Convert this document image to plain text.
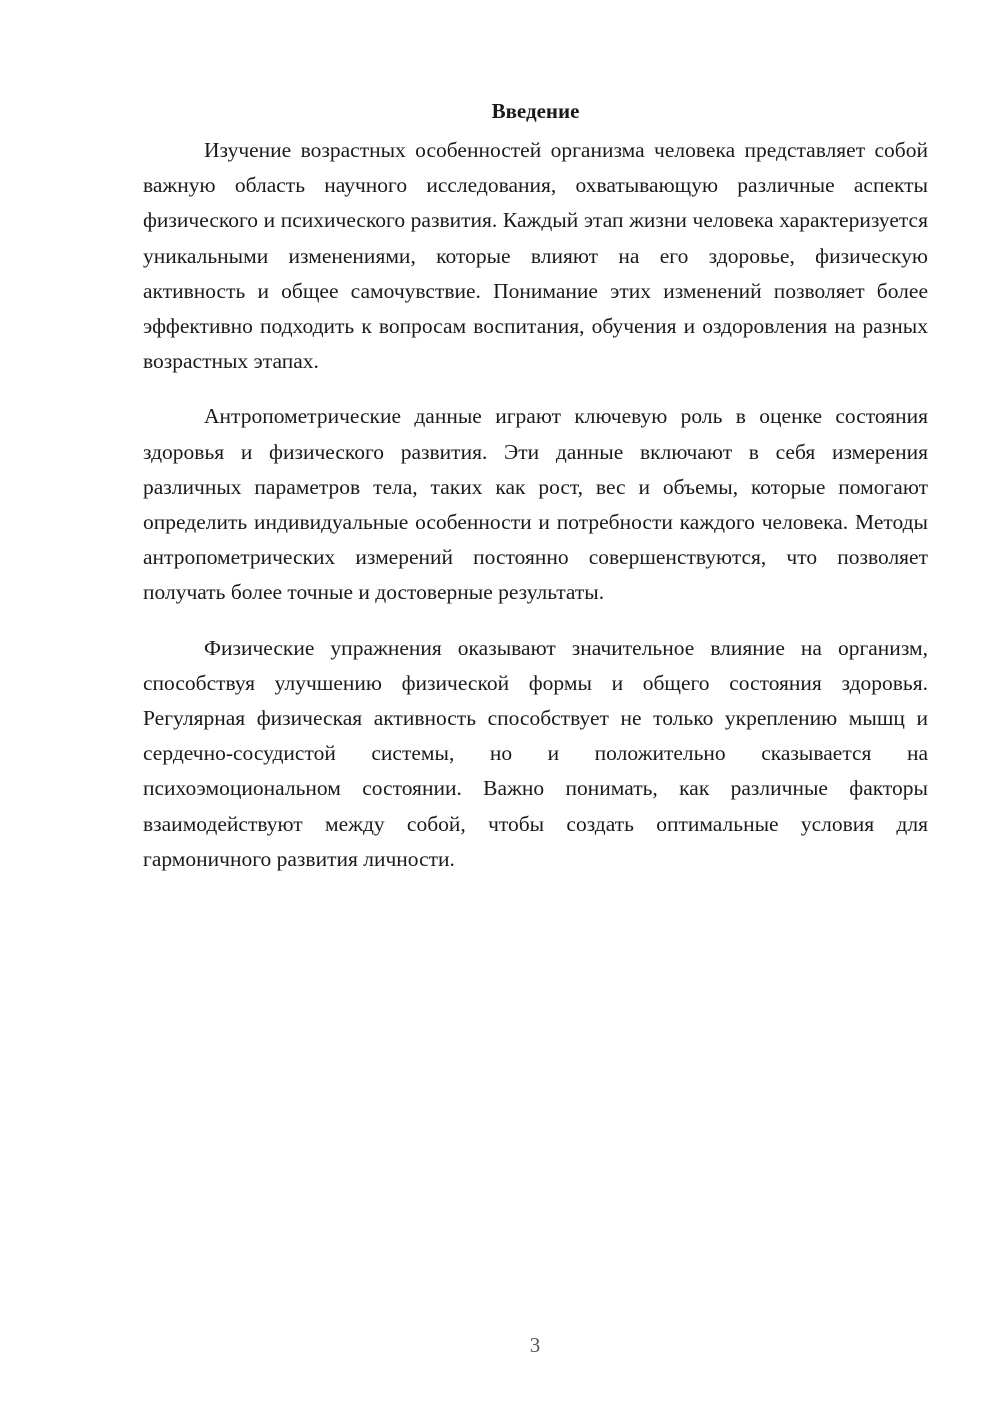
Введение

Изучение возрастных особенностей организма человека представляет собой важную область научного исследования, охватывающую различные аспекты физического и психического развития. Каждый этап жизни человека характеризуется уникальными изменениями, которые влияют на его здоровье, физическую активность и общее самочувствие. Понимание этих изменений позволяет более эффективно подходить к вопросам воспитания, обучения и оздоровления на разных возрастных этапах.

Антропометрические данные играют ключевую роль в оценке состояния здоровья и физического развития. Эти данные включают в себя измерения различных параметров тела, таких как рост, вес и объемы, которые помогают определить индивидуальные особенности и потребности каждого человека. Методы антропометрических измерений постоянно совершенствуются, что позволяет получать более точные и достоверные результаты.

Физические упражнения оказывают значительное влияние на организм, способствуя улучшению физической формы и общего состояния здоровья. Регулярная физическая активность способствует не только укреплению мышц и сердечно-сосудистой системы, но и положительно сказывается на психоэмоциональном состоянии. Важно понимать, как различные факторы взаимодействуют между собой, чтобы создать оптимальные условия для гармоничного развития личности.

3
